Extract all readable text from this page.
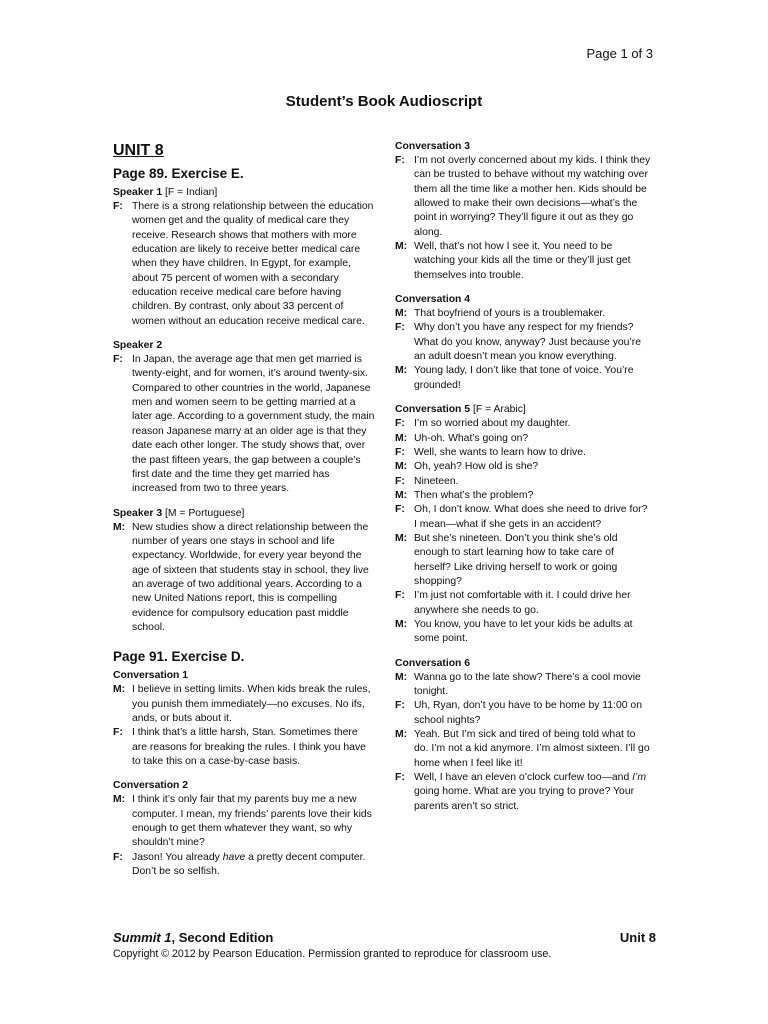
Page 1 of 3
Student’s Book Audioscript
UNIT 8
Page 89. Exercise E.
Speaker 1 [F = Indian]
F: There is a strong relationship between the education women get and the quality of medical care they receive. Research shows that mothers with more education are likely to receive better medical care when they have children. In Egypt, for example, about 75 percent of women with a secondary education receive medical care before having children. By contrast, only about 33 percent of women without an education receive medical care.
Speaker 2
F: In Japan, the average age that men get married is twenty-eight, and for women, it’s around twenty-six. Compared to other countries in the world, Japanese men and women seem to be getting married at a later age. According to a government study, the main reason Japanese marry at an older age is that they date each other longer. The study shows that, over the past fifteen years, the gap between a couple’s first date and the time they get married has increased from two to three years.
Speaker 3 [M = Portuguese]
M: New studies show a direct relationship between the number of years one stays in school and life expectancy. Worldwide, for every year beyond the age of sixteen that students stay in school, they live an average of two additional years. According to a new United Nations report, this is compelling evidence for compulsory education past middle school.
Page 91. Exercise D.
Conversation 1
M: I believe in setting limits. When kids break the rules, you punish them immediately—no excuses. No ifs, ands, or buts about it.
F: I think that’s a little harsh, Stan. Sometimes there are reasons for breaking the rules. I think you have to take this on a case-by-case basis.
Conversation 2
M: I think it’s only fair that my parents buy me a new computer. I mean, my friends’ parents love their kids enough to get them whatever they want, so why shouldn’t mine?
F: Jason! You already have a pretty decent computer. Don’t be so selfish.
Conversation 3
F: I’m not overly concerned about my kids. I think they can be trusted to behave without my watching over them all the time like a mother hen. Kids should be allowed to make their own decisions—what’s the point in worrying? They’ll figure it out as they go along.
M: Well, that’s not how I see it. You need to be watching your kids all the time or they’ll just get themselves into trouble.
Conversation 4
M: That boyfriend of yours is a troublemaker.
F: Why don’t you have any respect for my friends? What do you know, anyway? Just because you’re an adult doesn’t mean you know everything.
M: Young lady, I don’t like that tone of voice. You’re grounded!
Conversation 5 [F = Arabic]
F: I’m so worried about my daughter.
M: Uh-oh. What’s going on?
F: Well, she wants to learn how to drive.
M: Oh, yeah? How old is she?
F: Nineteen.
M: Then what’s the problem?
F: Oh, I don’t know. What does she need to drive for? I mean—what if she gets in an accident?
M: But she’s nineteen. Don’t you think she’s old enough to start learning how to take care of herself? Like driving herself to work or going shopping?
F: I’m just not comfortable with it. I could drive her anywhere she needs to go.
M: You know, you have to let your kids be adults at some point.
Conversation 6
M: Wanna go to the late show? There’s a cool movie tonight.
F: Uh, Ryan, don’t you have to be home by 11:00 on school nights?
M: Yeah. But I’m sick and tired of being told what to do. I’m not a kid anymore. I’m almost sixteen. I’ll go home when I feel like it!
F: Well, I have an eleven o’clock curfew too—and I’m going home. What are you trying to prove? Your parents aren’t so strict.
Summit 1, Second Edition	Unit 8
Copyright © 2012 by Pearson Education. Permission granted to reproduce for classroom use.
